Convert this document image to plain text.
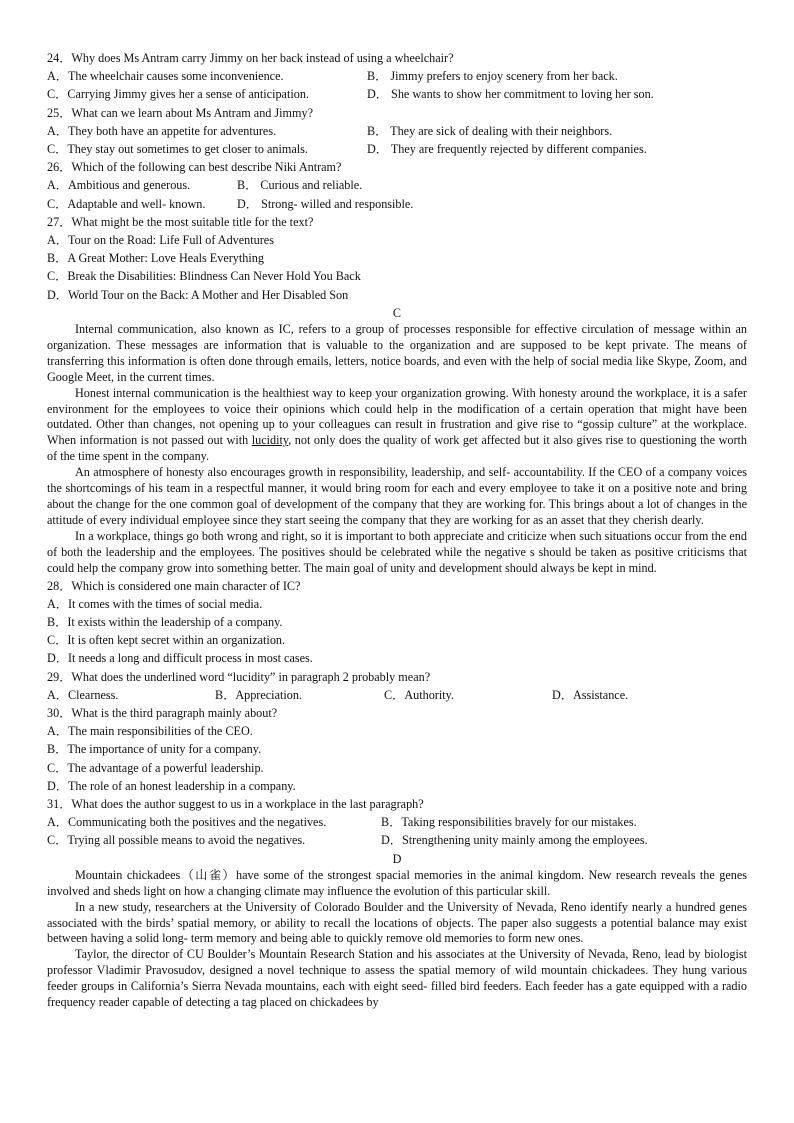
24．Why does Ms Antram carry Jimmy on her back instead of using a wheelchair?

A．The wheelchair causes some inconvenience.	B． Jimmy prefers to enjoy scenery from her back.
C．Carrying Jimmy gives her a sense of anticipation.	D． She wants to show her commitment to loving her son.

25．What can we learn about Ms Antram and Jimmy?

A．They both have an appetite for adventures.	B． They are sick of dealing with their neighbors.
C．They stay out sometimes to get closer to animals.	D． They are frequently rejected by different companies.

26．Which of the following can best describe Niki Antram?

A．Ambitious and generous.	B． Curious and reliable.
C．Adaptable and well- known.	D． Strong- willed and responsible.

27．What might be the most suitable title for the text?

A．Tour on the Road: Life Full of Adventures

B．A Great Mother: Love Heals Everything

C．Break the Disabilities: Blindness Can Never Hold You Back

D．World Tour on the Back: A Mother and Her Disabled Son

C

Internal communication, also known as IC, refers to a group of processes responsible for effective circulation of message within an organization. These messages are information that is valuable to the organization and are supposed to be kept private. The means of transferring this information is often done through emails, letters, notice boards, and even with the help of social media like Skype, Zoom, and Google Meet, in the current times.

Honest internal communication is the healthiest way to keep your organization growing. With honesty around the workplace, it is a safer environment for the employees to voice their opinions which could help in the modification of a certain operation that might have been outdated. Other than changes, not opening up to your colleagues can result in frustration and give rise to “gossip culture” at the workplace. When information is not passed out with lucidity, not only does the quality of work get affected but it also gives rise to questioning the worth of the time spent in the company.

An atmosphere of honesty also encourages growth in responsibility, leadership, and self- accountability. If the CEO of a company voices the shortcomings of his team in a respectful manner, it would bring room for each and every employee to take it on a positive note and bring about the change for the one common goal of development of the company that they are working for. This brings about a lot of changes in the attitude of every individual employee since they start seeing the company that they are working for as an asset that they cherish dearly.

In a workplace, things go both wrong and right, so it is important to both appreciate and criticize when such situations occur from the end of both the leadership and the employees. The positives should be celebrated while the negative s should be taken as positive criticisms that could help the company grow into something better. The main goal of unity and development should always be kept in mind.

28．Which is considered one main character of IC?

A．It comes with the times of social media.

B．It exists within the leadership of a company.

C．It is often kept secret within an organization.

D．It needs a long and difficult process in most cases.

29．What does the underlined word “lucidity” in paragraph 2 probably mean?

A．Clearness.	B．Appreciation.	C．Authority.	D．Assistance.

30．What is the third paragraph mainly about?

A．The main responsibilities of the CEO.

B．The importance of unity for a company.

C．The advantage of a powerful leadership.

D．The role of an honest leadership in a company.

31．What does the author suggest to us in a workplace in the last paragraph?

A．Communicating both the positives and the negatives.	B．Taking responsibilities bravely for our mistakes.
C．Trying all possible means to avoid the negatives.	D．Strengthening unity mainly among the employees.

D

Mountain chickadees（山雀）have some of the strongest spacial memories in the animal kingdom. New research reveals the genes involved and sheds light on how a changing climate may influence the evolution of this particular skill.

In a new study, researchers at the University of Colorado Boulder and the University of Nevada, Reno identify nearly a hundred genes associated with the birds’ spatial memory, or ability to recall the locations of objects. The paper also suggests a potential balance may exist between having a solid long- term memory and being able to quickly remove old memories to form new ones.

Taylor, the director of CU Boulder’s Mountain Research Station and his associates at the University of Nevada, Reno, lead by biologist professor Vladimir Pravosudov, designed a novel technique to assess the spatial memory of wild mountain chickadees. They hung various feeder groups in California’s Sierra Nevada mountains, each with eight seed- filled bird feeders. Each feeder has a gate equipped with a radio frequency reader capable of detecting a tag placed on chickadees by
